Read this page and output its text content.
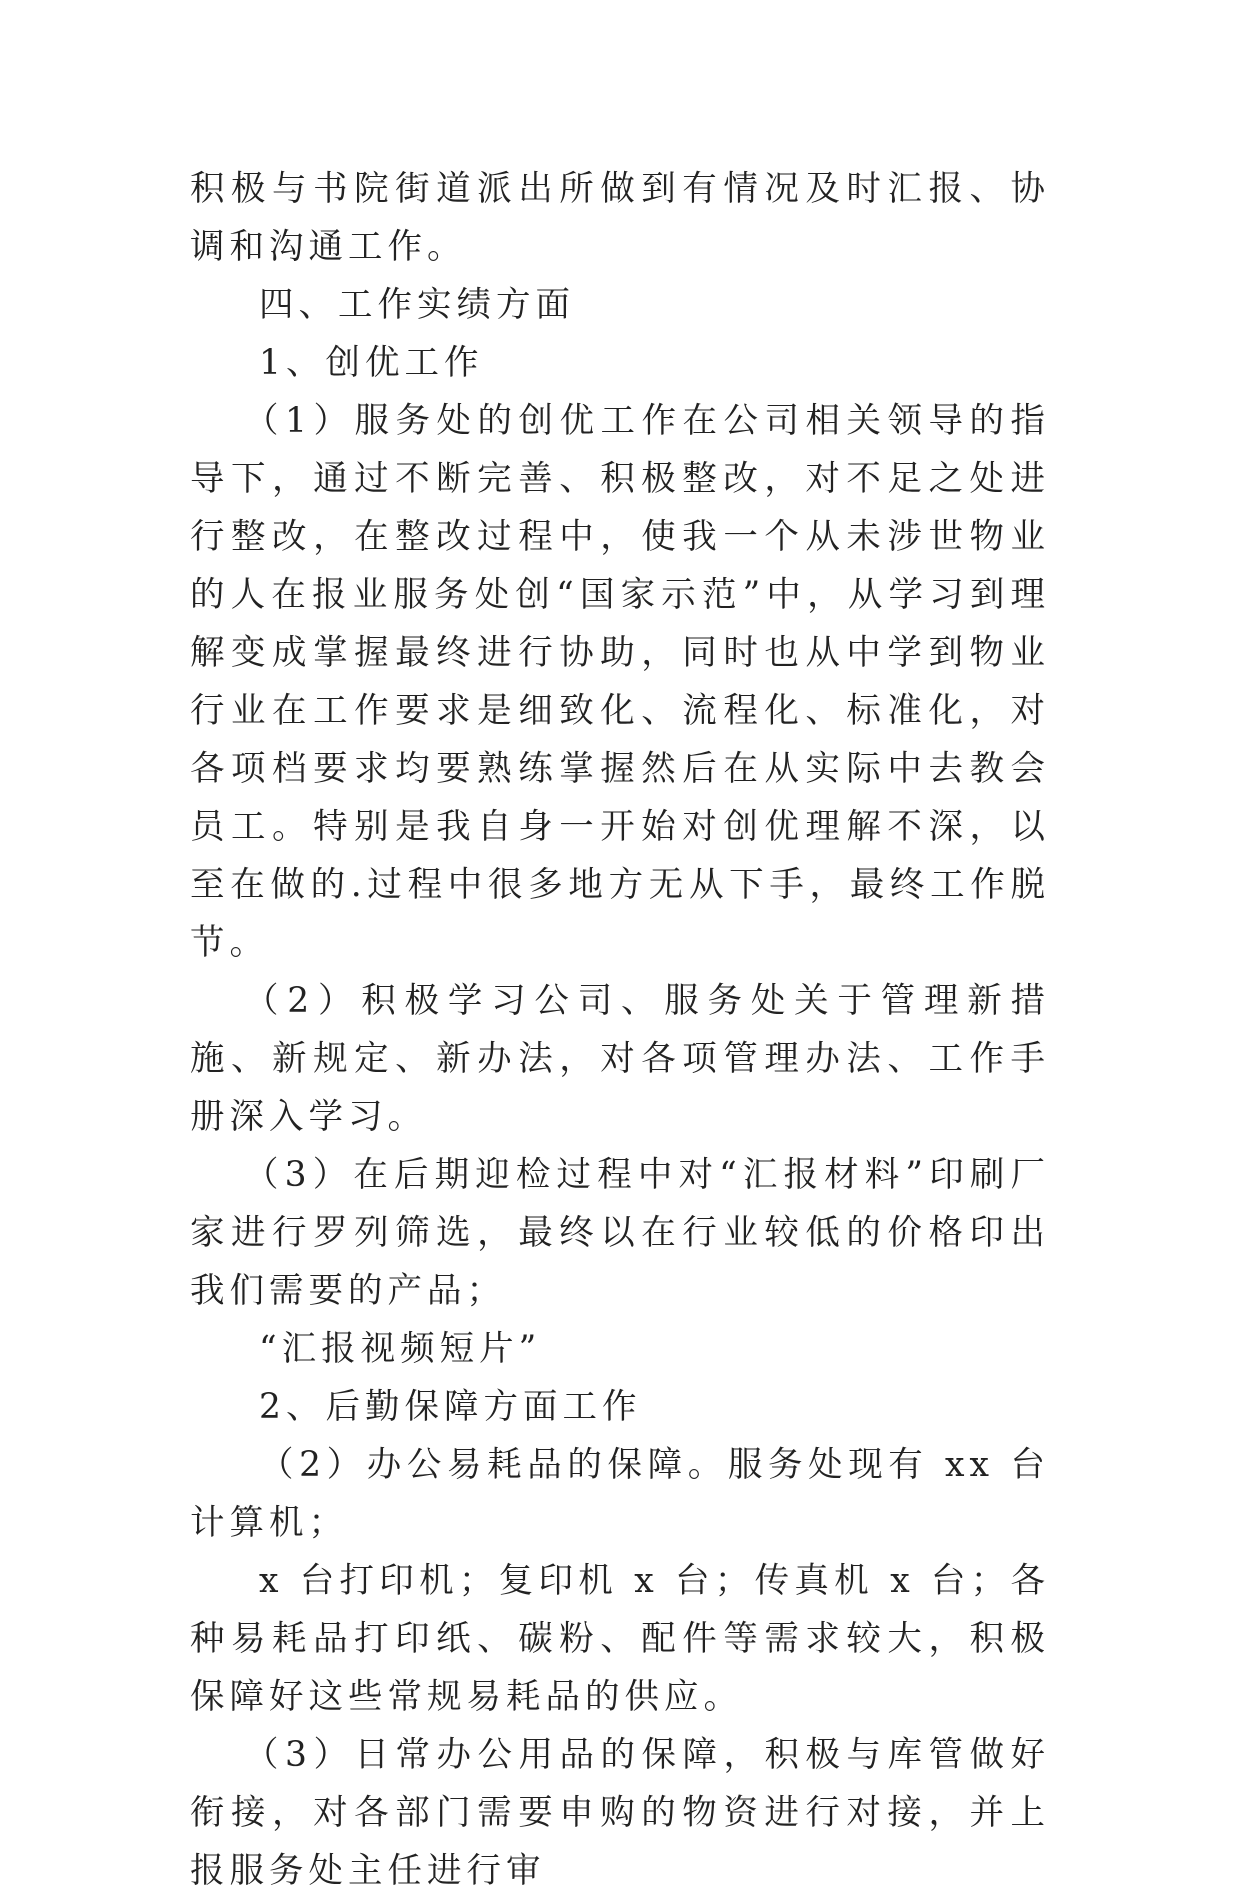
积极与书院街道派出所做到有情况及时汇报、协调和沟通工作。

四、工作实绩方面

1、创优工作

（1）服务处的创优工作在公司相关领导的指导下，通过不断完善、积极整改，对不足之处进行整改，在整改过程中，使我一个从未涉世物业的人在报业服务处创“国家示范”中，从学习到理解变成掌握最终进行协助，同时也从中学到物业行业在工作要求是细致化、流程化、标准化，对各项档要求均要熟练掌握然后在从实际中去教会员工。特别是我自身一开始对创优理解不深，以至在做的.过程中很多地方无从下手，最终工作脱节。

（2）积极学习公司、服务处关于管理新措施、新规定、新办法，对各项管理办法、工作手册深入学习。

（3）在后期迎检过程中对“汇报材料”印刷厂家进行罗列筛选，最终以在行业较低的价格印出我们需要的产品；

“汇报视频短片”

2、后勤保障方面工作

（2）办公易耗品的保障。服务处现有 xx 台计算机；

x 台打印机；复印机 x 台；传真机 x 台；各种易耗品打印纸、碳粉、配件等需求较大，积极保障好这些常规易耗品的供应。

（3）日常办公用品的保障，积极与库管做好衔接，对各部门需要申购的物资进行对接，并上报服务处主任进行审
